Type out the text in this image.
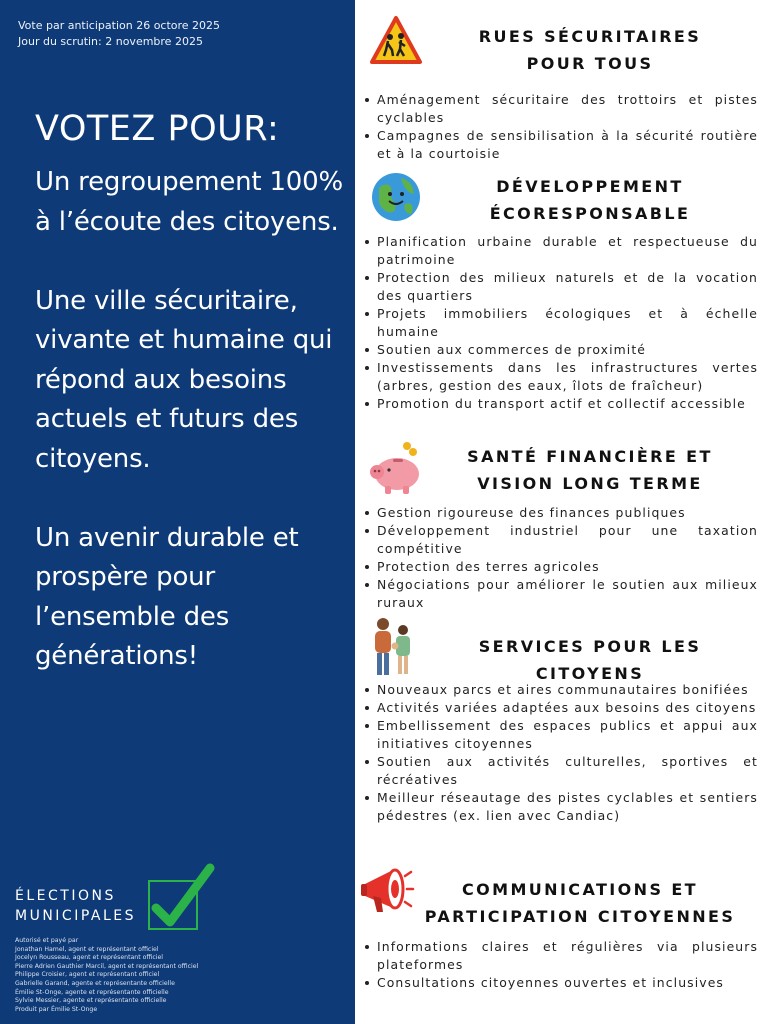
Vote par anticipation 26 octore 2025
Jour du scrutin: 2 novembre 2025
VOTEZ POUR:

Un regroupement 100% à l’écoute des citoyens.

Une ville sécuritaire, vivante et humaine qui répond aux besoins actuels et futurs des citoyens.

Un avenir durable et prospère pour l’ensemble des générations!

ÉLECTIONS
MUNICIPALES
Autorisé et payé par
Jonathan Hamel, agent et représentant officiel
Jocelyn Rousseau, agent et représentant officiel
Pierre Adrien Gauthier Marcil, agent et représentant officiel
Philippe Croisier, agent et représentant officiel
Gabrielle Garand, agente et représentante officielle
Émilie St-Onge, agente et représentante officielle
Sylvie Messier, agente et représentante officielle
Produit par Émilie St-Onge
RUES SÉCURITAIRES
POUR TOUS
Aménagement sécuritaire des trottoirs et pistes cyclables
Campagnes de sensibilisation à la sécurité routière et à la courtoisie
DÉVELOPPEMENT
ÉCORESPONSABLE
Planification urbaine durable et respectueuse du patrimoine
Protection des milieux naturels et de la vocation des quartiers
Projets immobiliers écologiques et à échelle humaine
Soutien aux commerces de proximité
Investissements dans les infrastructures vertes (arbres, gestion des eaux, îlots de fraîcheur)
Promotion du transport actif et collectif accessible
SANTÉ FINANCIÈRE ET
VISION LONG TERME
Gestion rigoureuse des finances publiques
Développement industriel pour une taxation compétitive
Protection des terres agricoles
Négociations pour améliorer le soutien aux milieux ruraux
SERVICES POUR LES
CITOYENS
Nouveaux parcs et aires communautaires bonifiées
Activités variées adaptées aux besoins des citoyens
Embellissement des espaces publics et appui aux initiatives citoyennes
Soutien aux activités culturelles, sportives et récréatives
Meilleur réseautage des pistes cyclables et sentiers pédestres (ex. lien avec Candiac)
COMMUNICATIONS ET
PARTICIPATION CITOYENNES
Informations claires et régulières via plusieurs plateformes
Consultations citoyennes ouvertes et inclusives
